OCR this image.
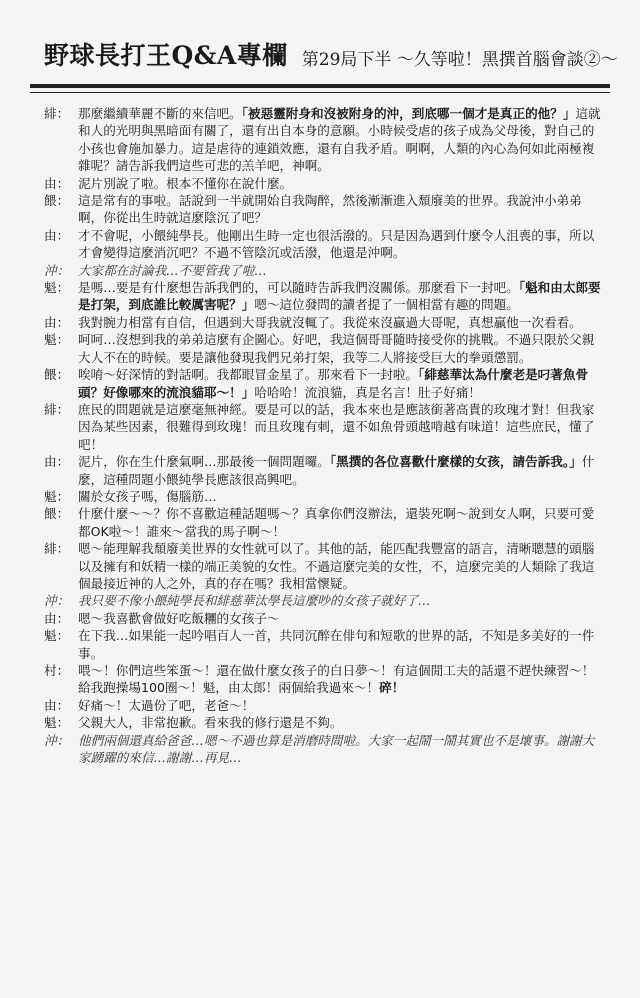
野球長打王Q&A專欄 第29局下半 ～久等啦！黑撰首腦會談②～
緋： 那麼繼續華麗不斷的來信吧。「被惡靈附身和沒被附身的沖，到底哪一個才是真正的他？」這就和人的光明與黑暗面有關了，還有出自本身的意願。小時候受虐的孩子成為父母後，對自己的小孩也會施加暴力。這是虐待的連鎖效應，還有自我矛盾。啊啊，人類的內心為何如此兩極複雜呢？請告訴我們這些可悲的羔羊吧，神啊。
由： 泥片別說了啦。根本不懂你在說什麼。
餵： 這是常有的事啦。話說到一半就開始自我陶醉，然後漸漸進入頹廢美的世界。我說沖小弟弟啊，你從出生時就這麼陰沉了吧？
由： 才不會呢，小餵純學長。他剛出生時一定也很活潑的。只是因為遇到什麼令人沮喪的事，所以才會變得這麼消沉吧？不過不管陰沉或活潑，他還是沖啊。
沖： 大家都在討論我…不要管我了啦…
魁： 是嗎…要是有什麼想告訴我們的，可以隨時告訴我們沒關係。那麼看下一封吧。「魁和由太郎要是打架，到底誰比較厲害呢？」嗯～這位發問的讀者提了一個相當有趣的問題。
由： 我對腕力相當有自信，但遇到大哥我就沒輒了。我從來沒贏過大哥呢，真想贏他一次看看。
魁： 呵呵…沒想到我的弟弟這麼有企圖心。好吧，我這個哥哥隨時接受你的挑戰。不過只限於父親大人不在的時候。要是讓他發現我們兄弟打架，我等二人將接受巨大的拳頭懲罰。
餵： 唉唷～好深情的對話啊。我都眼冒金星了。那來看下一封啦。「緋慈華汰為什麼老是叼著魚骨頭？好像哪來的流浪貓耶～！」哈哈哈！流浪貓，真是名言！肚子好痛！
緋： 庶民的問題就是這麼毫無神經。要是可以的話，我本來也是應該銜著高貴的玫瑰才對！但我家因為某些因素，很難得到玫瑰！而且玫瑰有刺，還不如魚骨頭越啃越有味道！這些庶民，懂了吧！
由： 泥片，你在生什麼氣啊…那最後一個問題囉。「黑撰的各位喜歡什麼樣的女孩，請告訴我。」什麼，這種問題小餵純學長應該很高興吧。
魁： 關於女孩子嗎，傷腦筋…
餵： 什麼什麼～～？你不喜歡這種話題嗎～？真拿你們沒辦法，還裝死啊～說到女人啊，只要可愛都OK啦～！誰來～當我的馬子啊～！
緋： 嗯～能理解我頹廢美世界的女性就可以了。其他的話，能匹配我豐富的語言，清晰聰慧的頭腦以及擁有和妖精一樣的端正美貌的女性。不過這麼完美的女性，不，這麼完美的人類除了我這個最接近神的人之外，真的存在嗎？我相當懷疑。
沖： 我只要不像小餵純學長和緋慈華汰學長這麼吵的女孩子就好了…
由： 嗯～我喜歡會做好吃飯糰的女孩子～
魁： 在下我…如果能一起吟唱百人一首，共同沉醉在俳句和短歌的世界的話，不知是多美好的一件事。
村： 喂～！你們這些笨蛋～！還在做什麼女孩子的白日夢～！有這個閒工夫的話還不趕快練習～！給我跑操場100圈～！魁，由太郎！兩個給我過來～！碎！
由： 好痛～！太過份了吧，老爸～！
魁： 父親大人，非常抱歉。看來我的修行還是不夠。
沖： 他們兩個還真給爸爸…嗯～不過也算是消磨時間啦。大家一起鬧一鬧其實也不是壞事。謝謝大家踴躍的來信…謝謝…再見…
